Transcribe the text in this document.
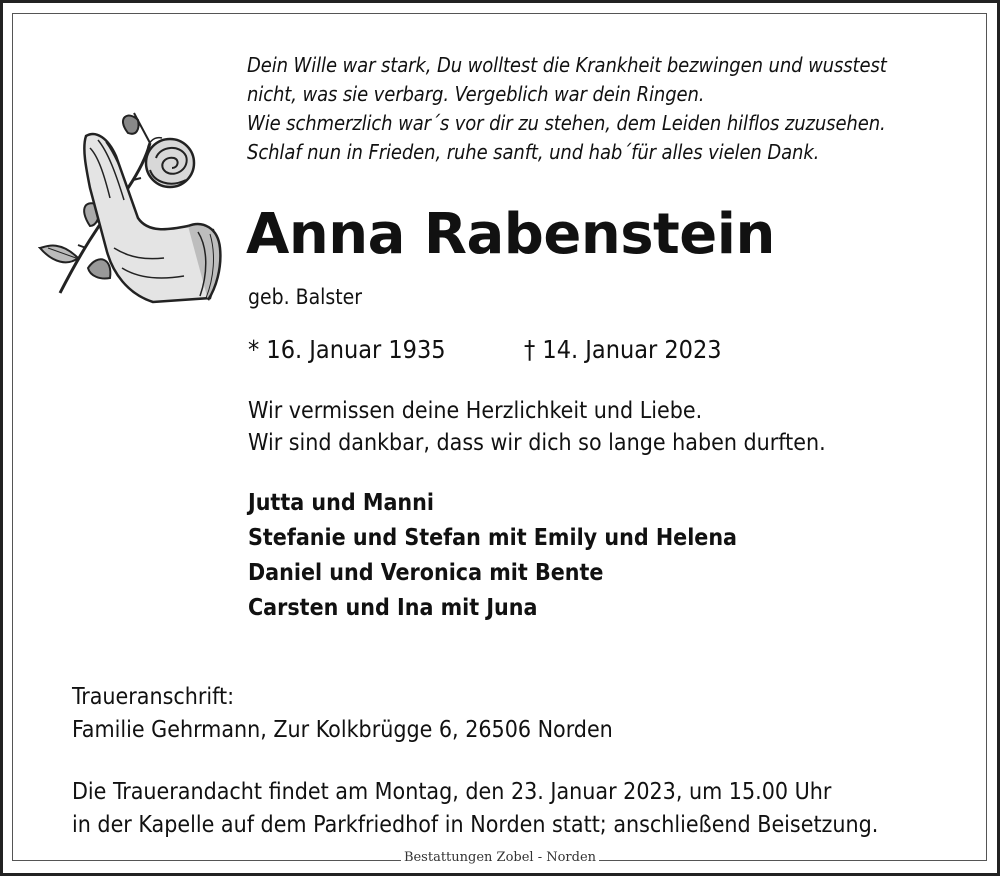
Dein Wille war stark, Du wolltest die Krankheit bezwingen und wusstest
nicht, was sie verbarg. Vergeblich war dein Ringen.
Wie schmerzlich war´s vor dir zu stehen, dem Leiden hilflos zuzusehen.
Schlaf nun in Frieden, ruhe sanft, und hab´für alles vielen Dank.
Anna Rabenstein
geb. Balster
* 16. Januar 1935	† 14. Januar 2023
Wir vermissen deine Herzlichkeit und Liebe.
Wir sind dankbar, dass wir dich so lange haben durften.
Jutta und Manni
Stefanie und Stefan mit Emily und Helena
Daniel und Veronica mit Bente
Carsten und Ina mit Juna
Traueranschrift:
Familie Gehrmann, Zur Kolkbrügge 6, 26506 Norden
Die Trauerandacht findet am Montag, den 23. Januar 2023, um 15.00 Uhr
in der Kapelle auf dem Parkfriedhof in Norden statt; anschließend Beisetzung.
Bestattungen Zobel - Norden
